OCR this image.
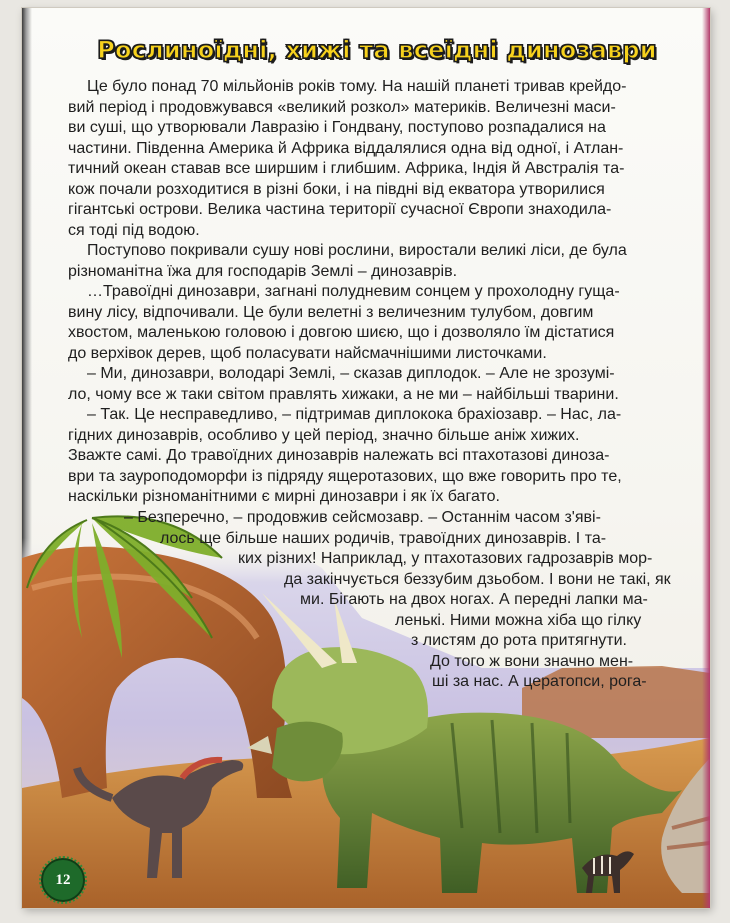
Рослиноїдні, хижі та всеїдні динозаври
Це було понад 70 мільйонів років тому. На нашій планеті тривав крейдо-
вий період і продовжувався «великий розкол» материків. Величезні маси-
ви суші, що утворювали Лавразію і Гондвану, поступово розпадалися на
частини. Південна Америка й Африка віддалялися одна від одної, і Атлан-
тичний океан ставав все ширшим і глибшим. Африка, Індія й Австралія та-
кож почали розходитися в різні боки, і на півдні від екватора утворилися
гігантські острови. Велика частина території сучасної Європи знаходила-
ся тоді під водою.
Поступово покривали сушу нові рослини, виростали великі ліси, де була
різноманітна їжа для господарів Землі – динозаврів.
…Травоїдні динозаври, загнані полудневим сонцем у прохолодну гуща-
вину лісу, відпочивали. Це були велетні з величезним тулубом, довгим
хвостом, маленькою головою і довгою шиєю, що і дозволяло їм дістатися
до верхівок дерев, щоб поласувати найсмачнішими листочками.
– Ми, динозаври, володарі Землі, – сказав диплодок. – Але не зрозумі-
ло, чому все ж таки світом правлять хижаки, а не ми – найбільші тварини.
– Так. Це несправедливо, – підтримав диплокока брахіозавр. – Нас, ла-
гідних динозаврів, особливо у цей період, значно більше аніж хижих.
Зважте самі. До травоїдних динозаврів належать всі птахотазові диноза-
ври та зауроподоморфи із підряду ящеротазових, що вже говорить про те,
наскільки різноманітними є мирні динозаври і як їх багато.
– Безперечно, – продовжив сейсмозавр. – Останнім часом з'яві-
лось ще більше наших родичів, травоїдних динозаврів. І та-
ких різних! Наприклад, у птахотазових гадрозаврів мор-
да закінчується беззубим дзьобом. І вони не такі, як
ми. Бігають на двох ногах. А передні лапки ма-
ленькі. Ними можна хіба що гілку
з листям до рота притягнути.
До того ж вони значно мен-
ші за нас. А цератопси, рога-
12
